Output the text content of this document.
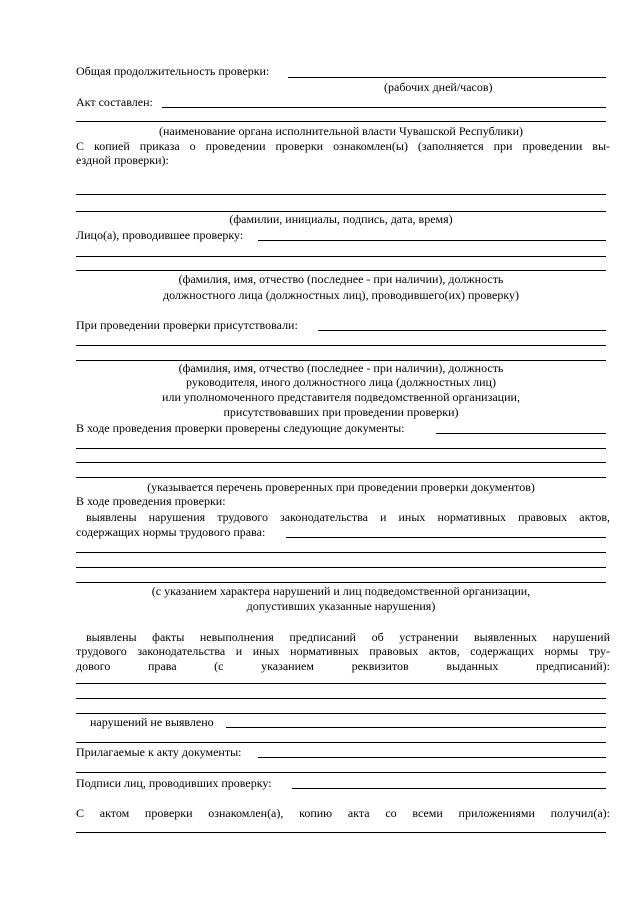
Общая продолжительность проверки:
(рабочих дней/часов)
Акт составлен:
(наименование органа исполнительной власти Чувашской Республики)
С копией приказа о проведении проверки ознакомлен(ы) (заполняется при проведении вы-
ездной проверки):
(фамилии, инициалы, подпись, дата, время)
Лицо(а), проводившее проверку:
(фамилия, имя, отчество (последнее - при наличии), должность
должностного лица (должностных лиц), проводившего(их) проверку)
При проведении проверки присутствовали:
(фамилия, имя, отчество (последнее - при наличии), должность
руководителя, иного должностного лица (должностных лиц)
или уполномоченного представителя подведомственной организации,
присутствовавших при проведении проверки)
В ходе проведения проверки проверены следующие документы:
(указывается перечень проверенных при проведении проверки документов)
В ходе проведения проверки:
выявлены нарушения трудового законодательства и иных нормативных правовых актов,
содержащих нормы трудового права:
(с указанием характера нарушений и лиц подведомственной организации,
допустивших указанные нарушения)
выявлены факты невыполнения предписаний об устранении выявленных нарушений
трудового законодательства и иных нормативных правовых актов, содержащих нормы тру-
дового права (с указанием реквизитов выданных предписаний):
нарушений не выявлено
Прилагаемые к акту документы:
Подписи лиц, проводивших проверку:
С актом проверки ознакомлен(а), копию акта со всеми приложениями получил(а):
